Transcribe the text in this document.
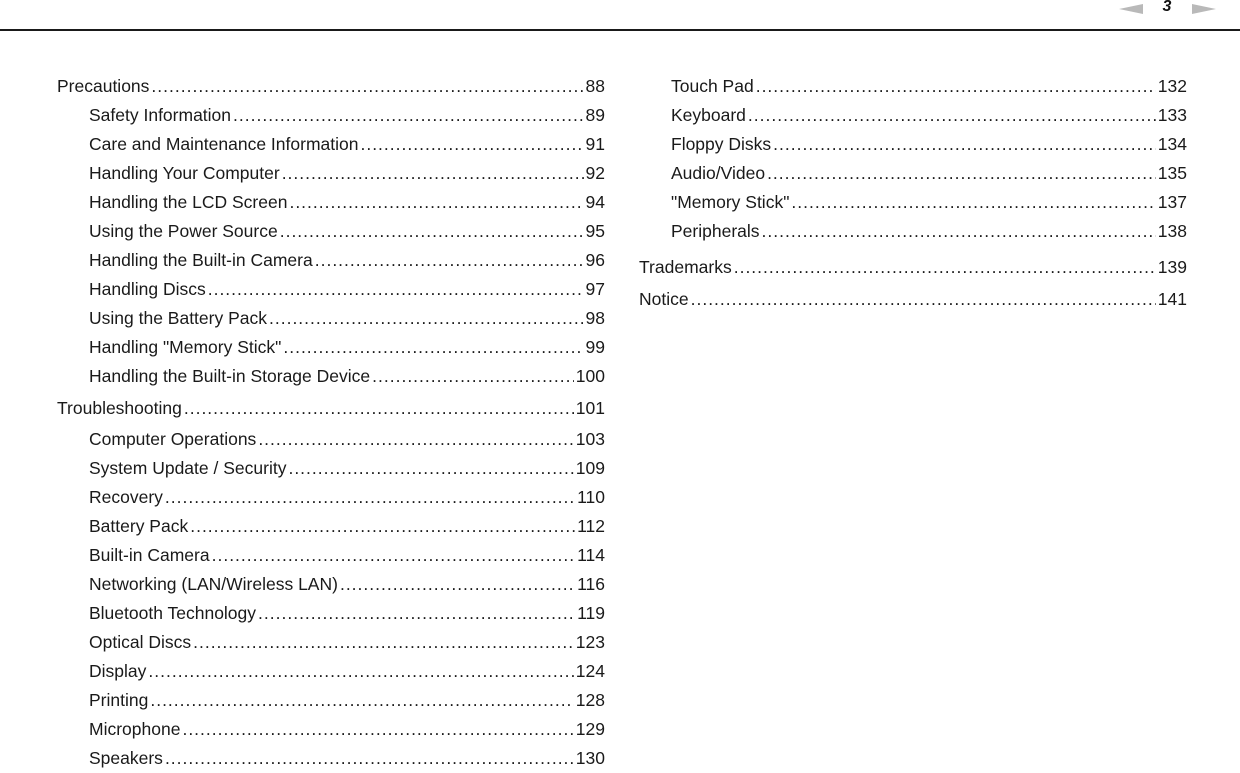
3
Precautions .....	88
Safety Information .....	89
Care and Maintenance Information .....	91
Handling Your Computer .....	92
Handling the LCD Screen .....	94
Using the Power Source .....	95
Handling the Built-in Camera .....	96
Handling Discs .....	97
Using the Battery Pack .....	98
Handling "Memory Stick" .....	99
Handling the Built-in Storage Device .....	100
Troubleshooting .....	101
Computer Operations .....	103
System Update / Security .....	109
Recovery .....	110
Battery Pack .....	112
Built-in Camera .....	114
Networking (LAN/Wireless LAN) .....	116
Bluetooth Technology .....	119
Optical Discs .....	123
Display .....	124
Printing .....	128
Microphone .....	129
Speakers .....	130
Touch Pad .....	132
Keyboard .....	133
Floppy Disks .....	134
Audio/Video .....	135
"Memory Stick" .....	137
Peripherals .....	138
Trademarks .....	139
Notice .....	141
